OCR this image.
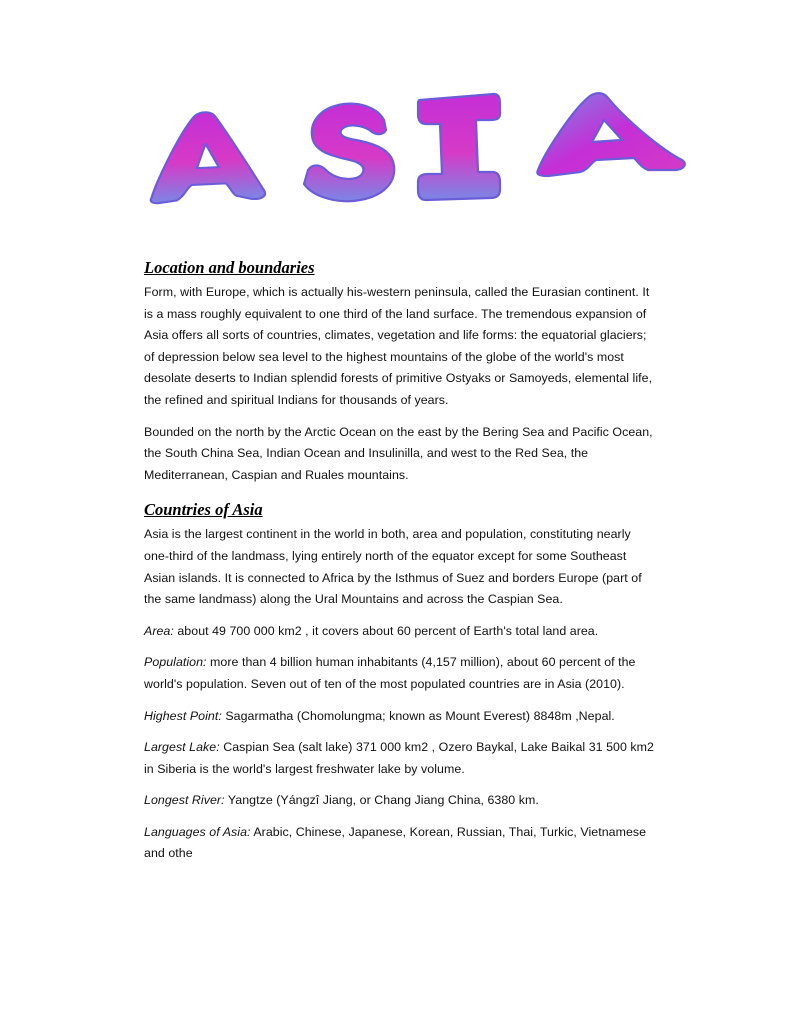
Location and boundaries

Form, with Europe, which is actually his-western peninsula, called the Eurasian continent. It is a mass roughly equivalent to one third of the land surface. The tremendous expansion of Asia offers all sorts of countries, climates, vegetation and life forms: the equatorial glaciers; of depression below sea level to the highest mountains of the globe of the world's most desolate deserts to Indian splendid forests of primitive Ostyaks or Samoyeds, elemental life, the refined and spiritual Indians for thousands of years.

Bounded on the north by the Arctic Ocean on the east by the Bering Sea and Pacific Ocean, the South China Sea, Indian Ocean and Insulinilla, and west to the Red Sea, the Mediterranean, Caspian and Ruales mountains.

Countries of Asia

Asia is the largest continent in the world in both, area and population, constituting nearly one-third of the landmass, lying entirely north of the equator except for some Southeast Asian islands. It is connected to Africa by the Isthmus of Suez and borders Europe (part of the same landmass) along the Ural Mountains and across the Caspian Sea.

Area: about 49 700 000 km2 , it covers about 60 percent of Earth's total land area.

Population: more than 4 billion human inhabitants (4,157 million), about 60 percent of the world's population. Seven out of ten of the most populated countries are in Asia (2010).

Highest Point: Sagarmatha (Chomolungma; known as Mount Everest) 8848m ,Nepal.

Largest Lake: Caspian Sea (salt lake) 371 000 km2 , Ozero Baykal, Lake Baikal 31 500 km2 in Siberia is the world's largest freshwater lake by volume.

Longest River: Yangtze (Yángzî Jiang, or Chang Jiang China, 6380 km.

Languages of Asia: Arabic, Chinese, Japanese, Korean, Russian, Thai, Turkic, Vietnamese and othe
